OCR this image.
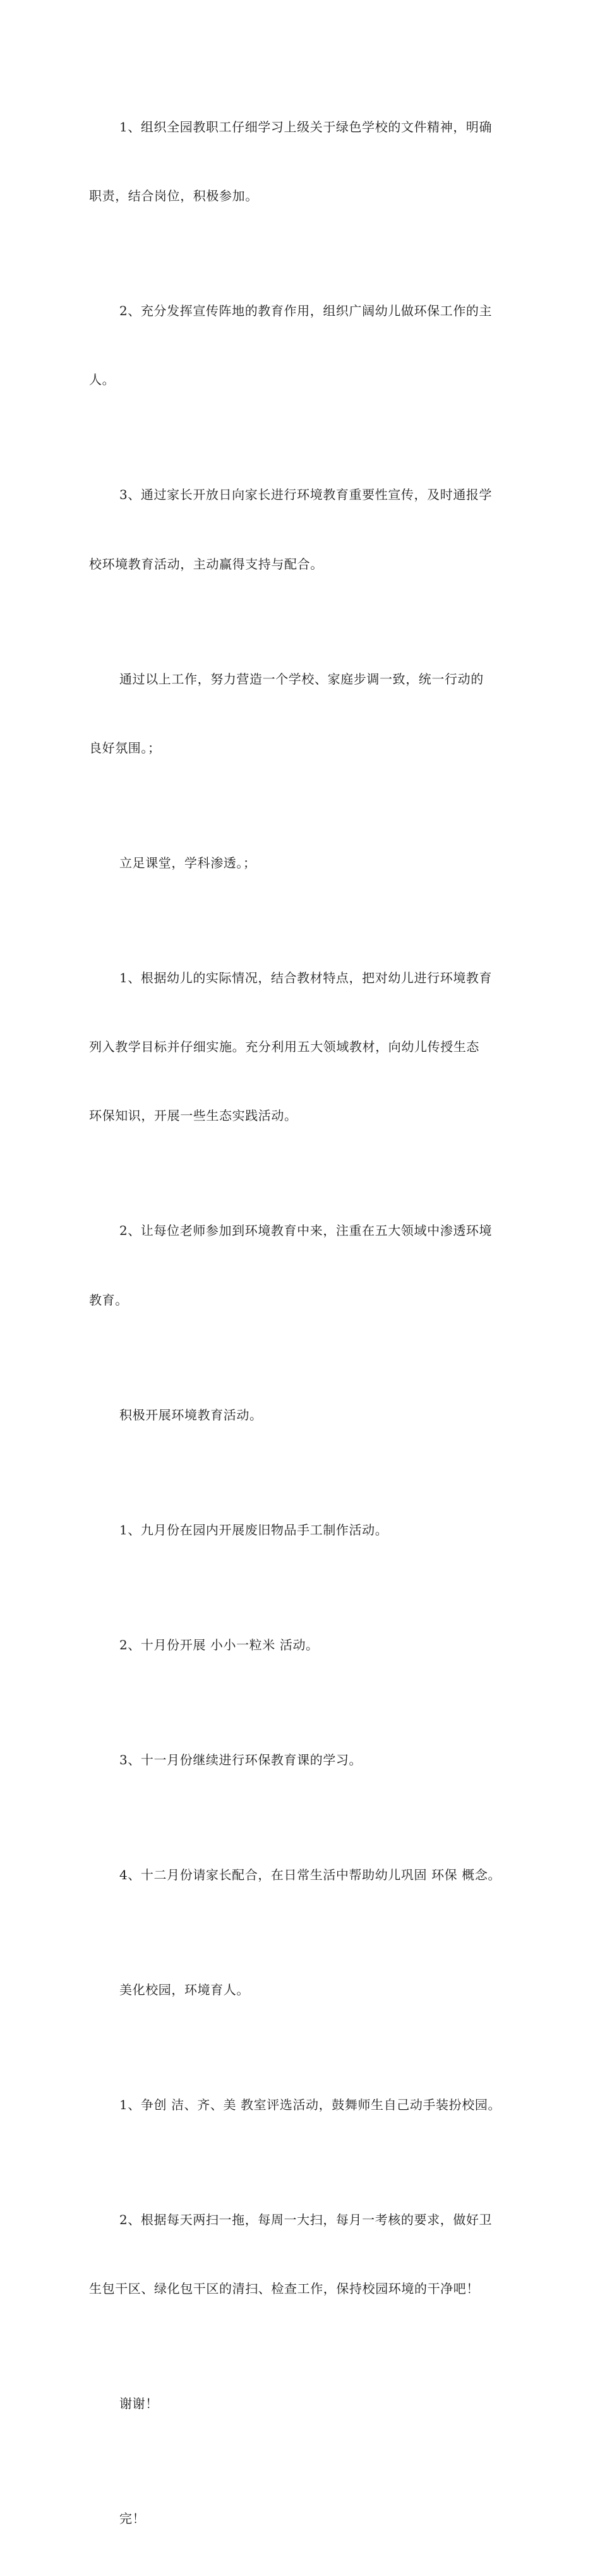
1、组织全园教职工仔细学习上级关于绿色学校的文件精神，明确

职责，结合岗位，积极参加。

2、充分发挥宣传阵地的教育作用，组织广阔幼儿做环保工作的主

人。

3、通过家长开放日向家长进行环境教育重要性宣传，及时通报学

校环境教育活动，主动赢得支持与配合。

通过以上工作，努力营造一个学校、家庭步调一致，统一行动的

良好氛围。；

立足课堂，学科渗透。；

1、根据幼儿的实际情况，结合教材特点，把对幼儿进行环境教育

列入教学目标并仔细实施。充分利用五大领域教材，向幼儿传授生态

环保知识，开展一些生态实践活动。

2、让每位老师参加到环境教育中来，注重在五大领域中渗透环境

教育。

积极开展环境教育活动。

1、九月份在园内开展废旧物品手工制作活动。

2、十月份开展 小小一粒米 活动。

3、十一月份继续进行环保教育课的学习。

4、十二月份请家长配合，在日常生活中帮助幼儿巩固 环保 概念。

美化校园，环境育人。

1、争创 洁、齐、美 教室评选活动，鼓舞师生自己动手装扮校园。

2、根据每天两扫一拖，每周一大扫，每月一考核的要求，做好卫

生包干区、绿化包干区的清扫、检查工作，保持校园环境的干净吧！

谢谢！

完！
